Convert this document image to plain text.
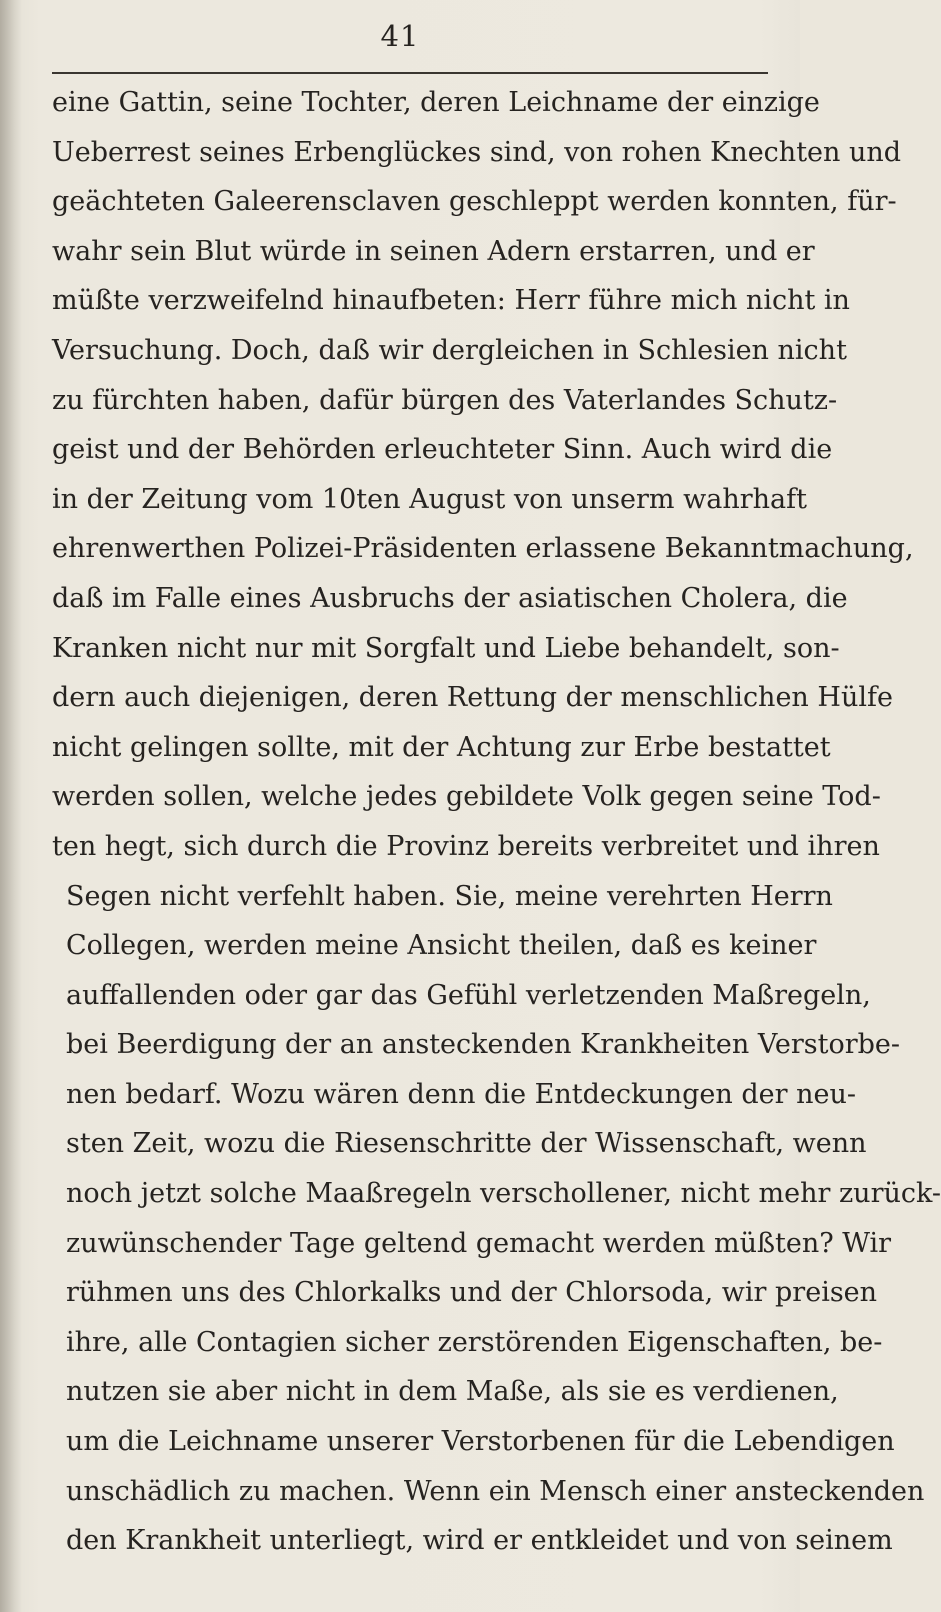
41
eine Gattin, seine Tochter, deren Leichname der einzige
Ueberrest seines Erbenglückes sind, von rohen Knechten und
geächteten Galeerensclaven geschleppt werden konnten, für-
wahr sein Blut würde in seinen Adern erstarren, und er
müßte verzweifelnd hinaufbeten: Herr führe mich nicht in
Versuchung. Doch, daß wir dergleichen in Schlesien nicht
zu fürchten haben, dafür bürgen des Vaterlandes Schutz-
geist und der Behörden erleuchteter Sinn. Auch wird die
in der Zeitung vom 10ten August von unserm wahrhaft
ehrenwerthen Polizei-Präsidenten erlassene Bekanntmachung,
daß im Falle eines Ausbruchs der asiatischen Cholera, die
Kranken nicht nur mit Sorgfalt und Liebe behandelt, son-
dern auch diejenigen, deren Rettung der menschlichen Hülfe
nicht gelingen sollte, mit der Achtung zur Erbe bestattet
werden sollen, welche jedes gebildete Volk gegen seine Tod-
ten hegt, sich durch die Provinz bereits verbreitet und ihren
Segen nicht verfehlt haben. Sie, meine verehrten Herrn
Collegen, werden meine Ansicht theilen, daß es keiner
auffallenden oder gar das Gefühl verletzenden Maßregeln,
bei Beerdigung der an ansteckenden Krankheiten Verstorbe-
nen bedarf. Wozu wären denn die Entdeckungen der neu-
sten Zeit, wozu die Riesenschritte der Wissenschaft, wenn
noch jetzt solche Maaßregeln verschollener, nicht mehr zurück-
zuwünschender Tage geltend gemacht werden müßten? Wir
rühmen uns des Chlorkalks und der Chlorsoda, wir preisen
ihre, alle Contagien sicher zerstörenden Eigenschaften, be-
nutzen sie aber nicht in dem Maße, als sie es verdienen,
um die Leichname unserer Verstorbenen für die Lebendigen
unschädlich zu machen. Wenn ein Mensch einer ansteckenden
den Krankheit unterliegt, wird er entkleidet und von seinem
